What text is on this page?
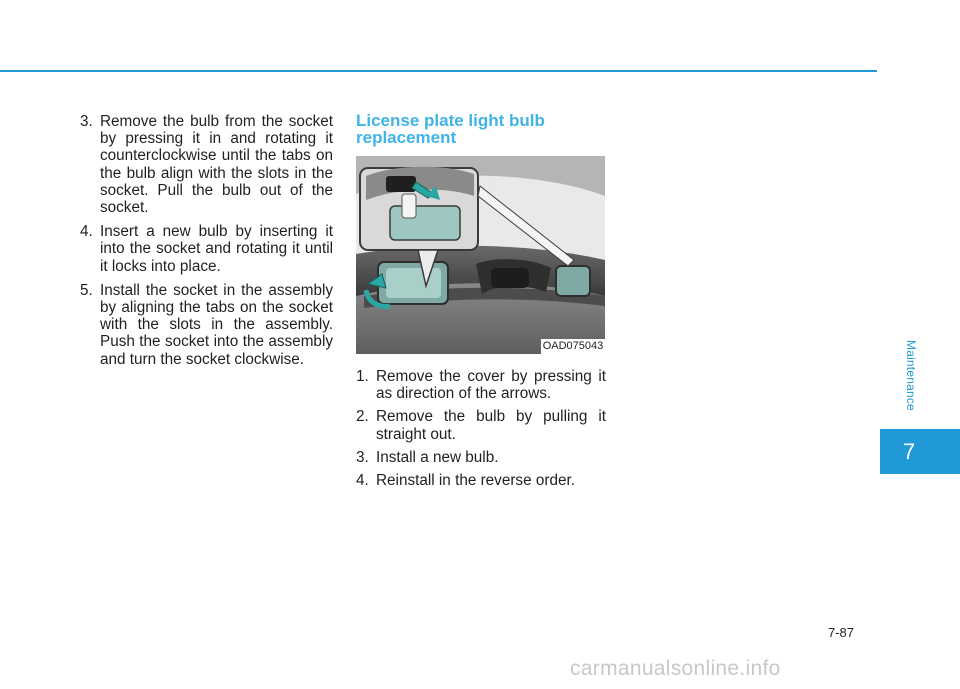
3. Remove the bulb from the socket by pressing it in and rotating it counterclockwise until the tabs on the bulb align with the slots in the socket. Pull the bulb out of the socket.
4. Insert a new bulb by inserting it into the socket and rotating it until it locks into place.
5. Install the socket in the assembly by aligning the tabs on the socket with the slots in the assembly. Push the socket into the assembly and turn the socket clockwise.
License plate light bulb replacement
OAD075043
1. Remove the cover by pressing it as direction of the arrows.
2. Remove the bulb by pulling it straight out.
3. Install a new bulb.
4. Reinstall in the reverse order.
Maintenance
7
7-87
carmanualsonline.info
